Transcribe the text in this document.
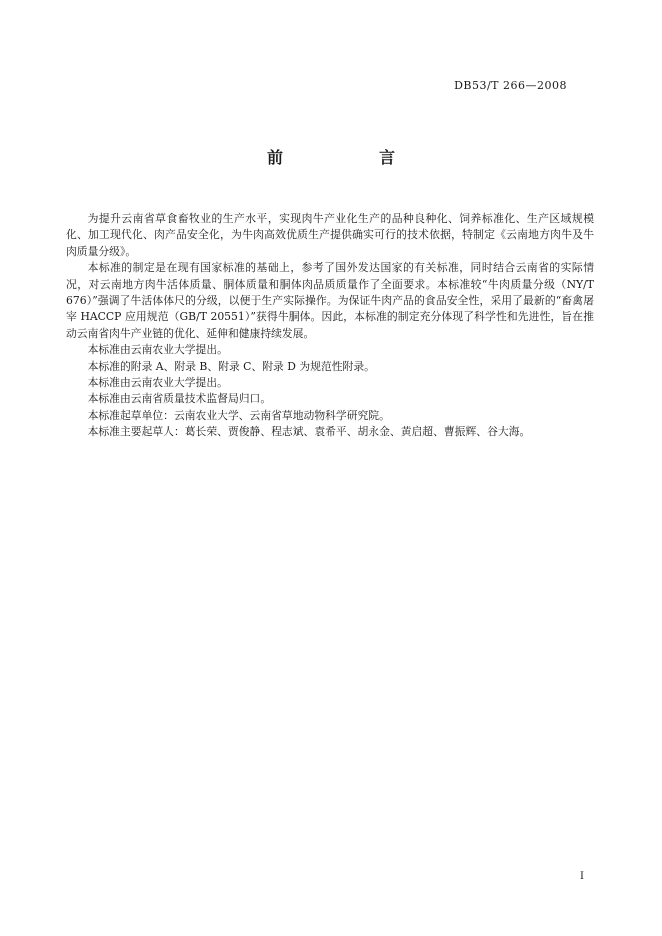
DB53/T 266—2008
前　言

为提升云南省草食畜牧业的生产水平，实现肉牛产业化生产的品种良种化、饲养标准化、生产区域规模化、加工现代化、肉产品安全化，为牛肉高效优质生产提供确实可行的技术依据，特制定《云南地方肉牛及牛肉质量分级》。

本标准的制定是在现有国家标准的基础上，参考了国外发达国家的有关标准，同时结合云南省的实际情况，对云南地方肉牛活体质量、胴体质量和胴体肉品质质量作了全面要求。本标准较“牛肉质量分级（NY/T 676）”强调了牛活体体尺的分级，以便于生产实际操作。为保证牛肉产品的食品安全性，采用了最新的“畜禽屠宰 HACCP 应用规范（GB/T 20551）”获得牛胴体。因此，本标准的制定充分体现了科学性和先进性，旨在推动云南省肉牛产业链的优化、延伸和健康持续发展。

本标准由云南农业大学提出。

本标准的附录 A、附录 B、附录 C、附录 D 为规范性附录。

本标准由云南农业大学提出。

本标准由云南省质量技术监督局归口。

本标准起草单位：云南农业大学、云南省草地动物科学研究院。

本标准主要起草人：葛长荣、贾俊静、程志斌、袁希平、胡永金、黄启超、曹振辉、谷大海。

I
